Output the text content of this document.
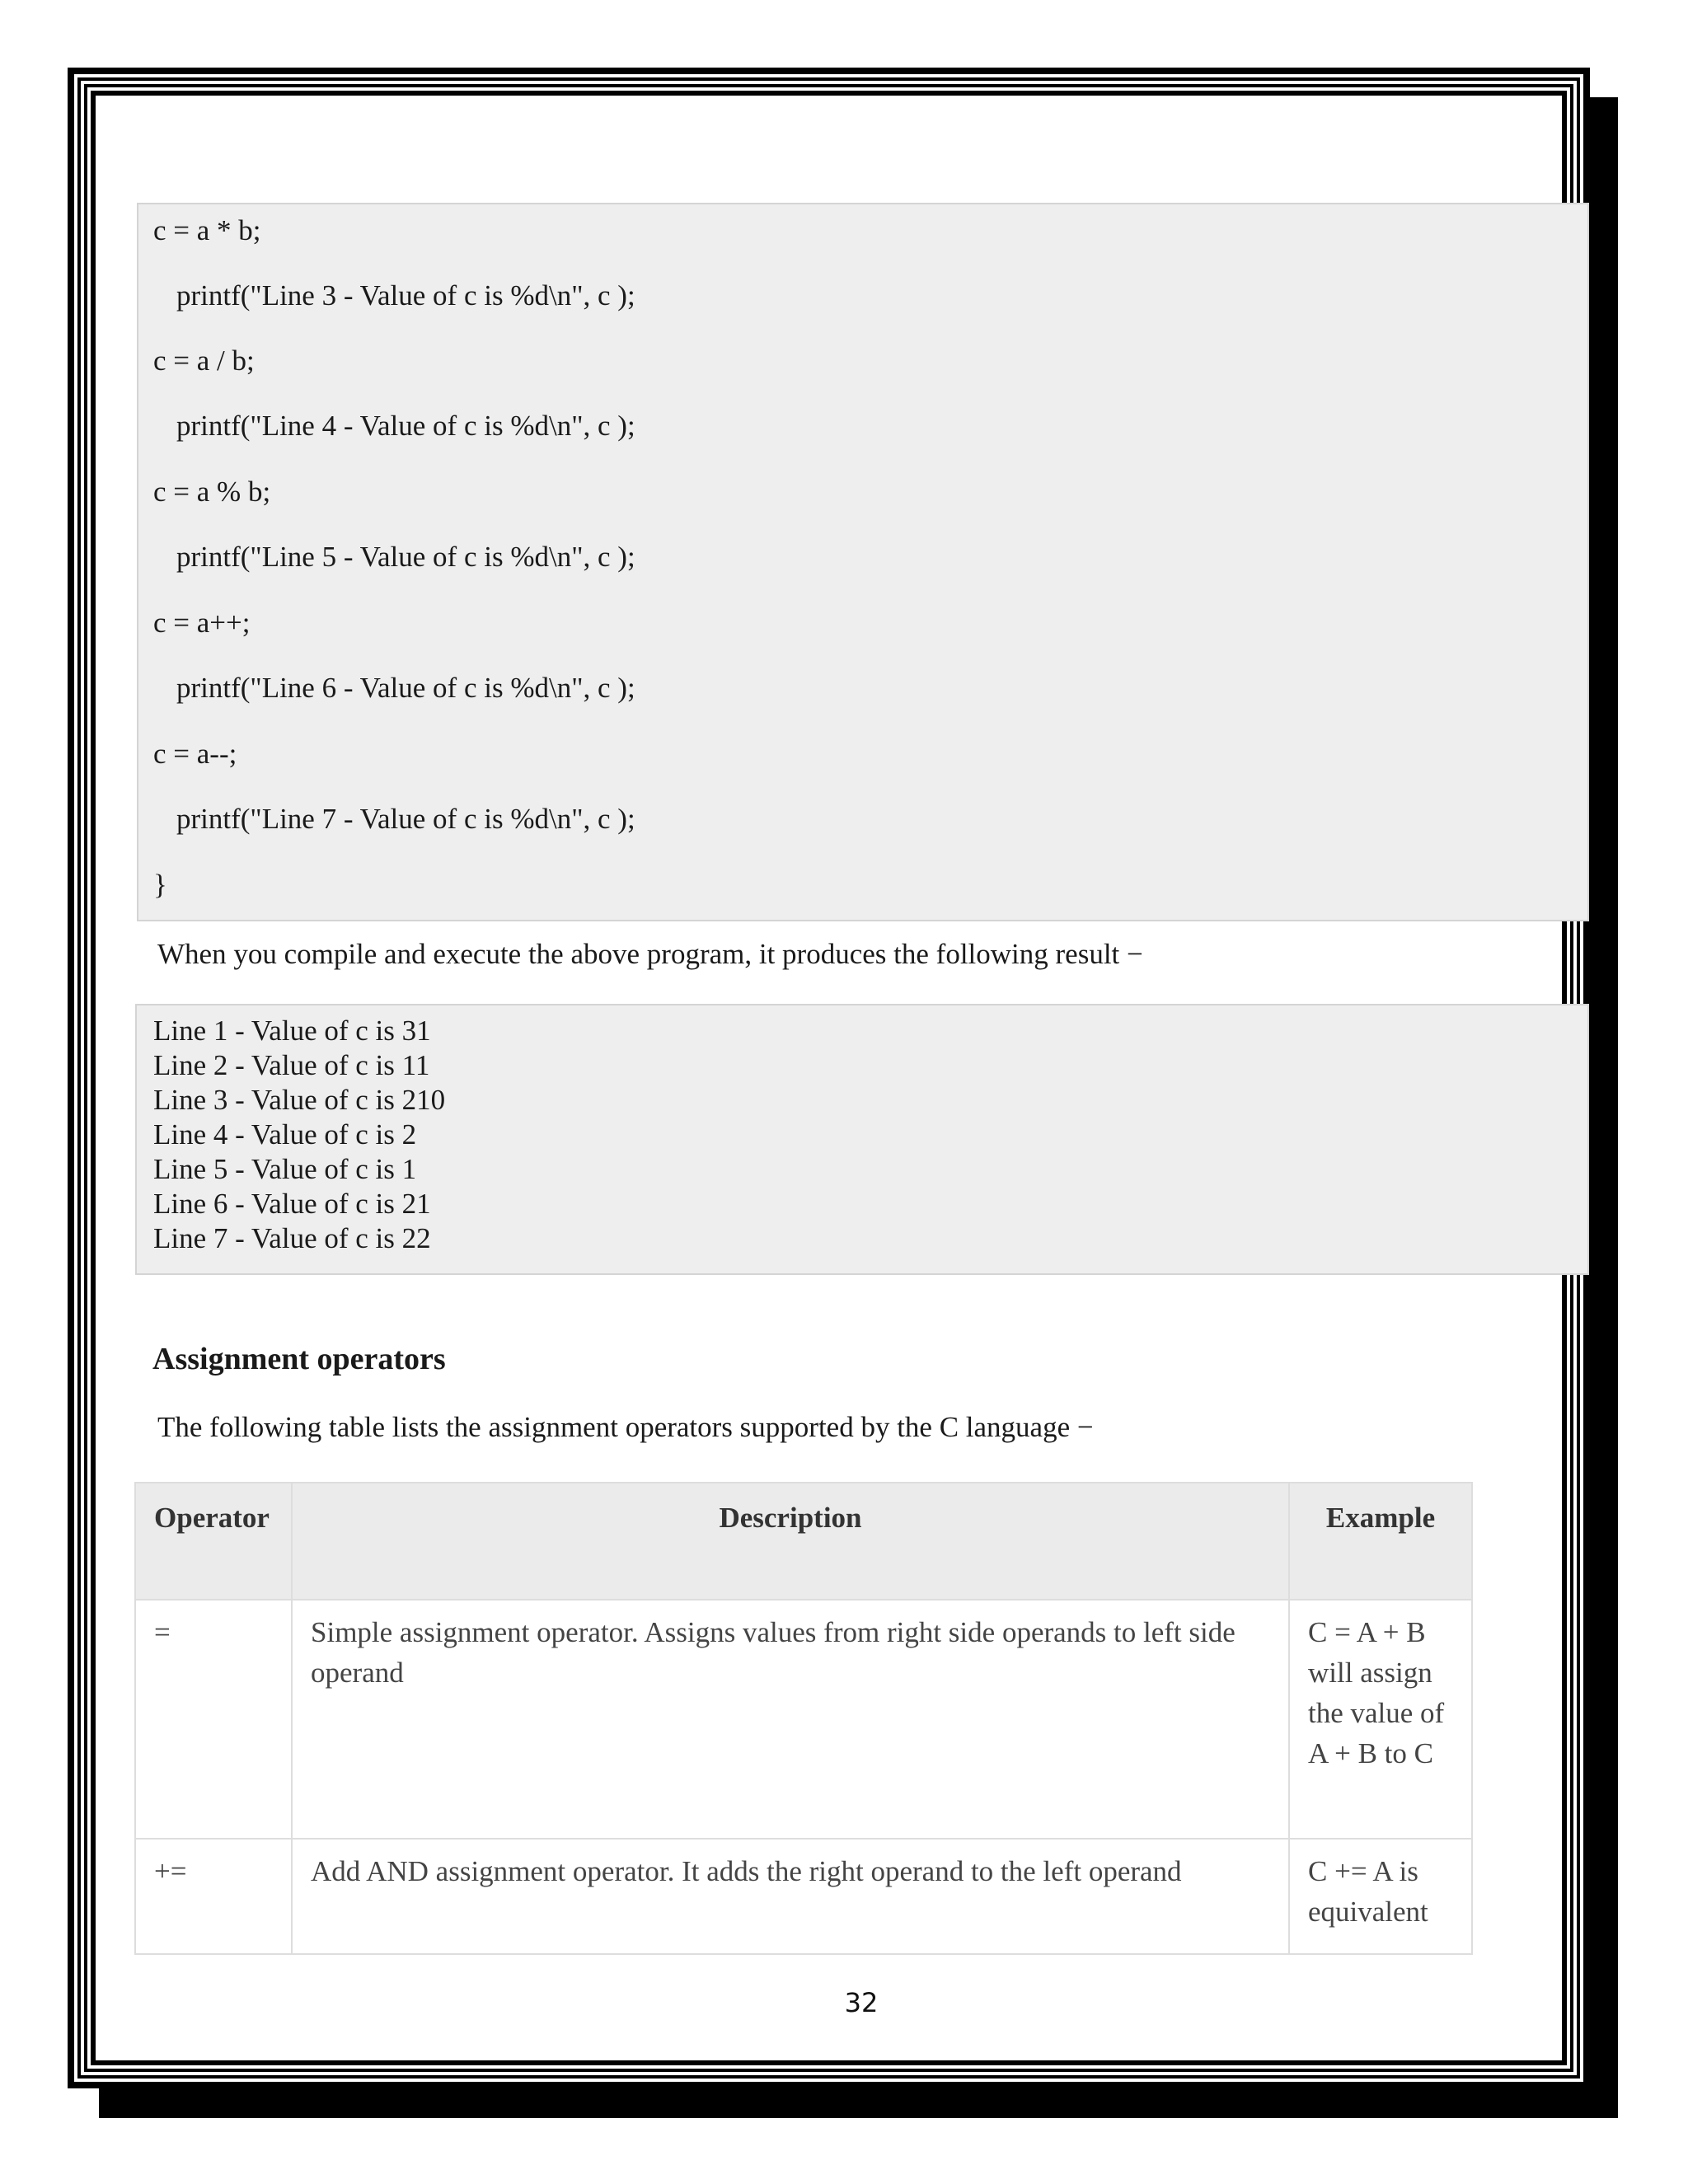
c = a * b;
printf("Line 3 - Value of c is %d\n", c );
c = a / b;
printf("Line 4 - Value of c is %d\n", c );
c = a % b;
printf("Line 5 - Value of c is %d\n", c );
c = a++;
printf("Line 6 - Value of c is %d\n", c );
c = a--;
printf("Line 7 - Value of c is %d\n", c );
}
When you compile and execute the above program, it produces the following result −
Line 1 - Value of c is 31
Line 2 - Value of c is 11
Line 3 - Value of c is 210
Line 4 - Value of c is 2
Line 5 - Value of c is 1
Line 6 - Value of c is 21
Line 7 - Value of c is 22
Assignment operators
The following table lists the assignment operators supported by the C language −
Operator	Description	Example
=	Simple assignment operator. Assigns values from right side operands to left side operand	C = A + B will assign the value of A + B to C
+=	Add AND assignment operator. It adds the right operand to the left operand	C += A is equivalent
32
